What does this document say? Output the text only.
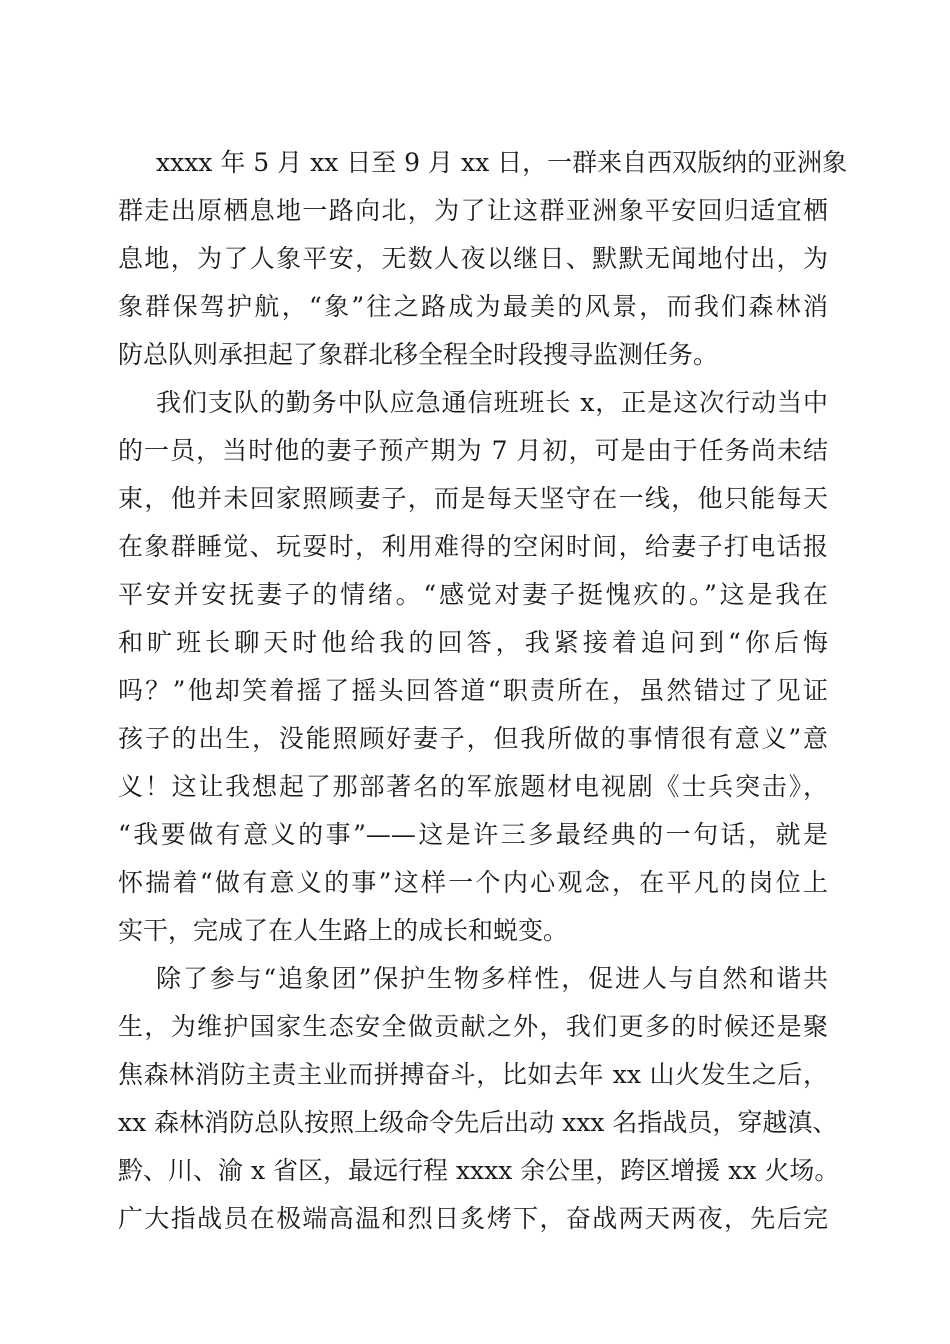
xxxx 年 5 月 xx 日至 9 月 xx 日，一群来自西双版纳的亚洲象
群走出原栖息地一路向北，为了让这群亚洲象平安回归适宜栖
息地，为了人象平安，无数人夜以继日、默默无闻地付出，为
象群保驾护航，“象”往之路成为最美的风景，而我们森林消
防总队则承担起了象群北移全程全时段搜寻监测任务。
我们支队的勤务中队应急通信班班长 x，正是这次行动当中
的一员，当时他的妻子预产期为 7 月初，可是由于任务尚未结
束，他并未回家照顾妻子，而是每天坚守在一线，他只能每天
在象群睡觉、玩耍时，利用难得的空闲时间，给妻子打电话报
平安并安抚妻子的情绪。“感觉对妻子挺愧疚的。”这是我在
和旷班长聊天时他给我的回答，我紧接着追问到“你后悔
吗？”他却笑着摇了摇头回答道“职责所在，虽然错过了见证
孩子的出生，没能照顾好妻子，但我所做的事情很有意义”意
义！这让我想起了那部著名的军旅题材电视剧《士兵突击》，
“我要做有意义的事”——这是许三多最经典的一句话，就是
怀揣着“做有意义的事”这样一个内心观念，在平凡的岗位上
实干，完成了在人生路上的成长和蜕变。
除了参与“追象团”保护生物多样性，促进人与自然和谐共
生，为维护国家生态安全做贡献之外，我们更多的时候还是聚
焦森林消防主责主业而拼搏奋斗，比如去年 xx 山火发生之后，
xx 森林消防总队按照上级命令先后出动 xxx 名指战员，穿越滇、
黔、川、渝 x 省区，最远行程 xxxx 余公里，跨区增援 xx 火场。
广大指战员在极端高温和烈日炙烤下，奋战两天两夜，先后完
